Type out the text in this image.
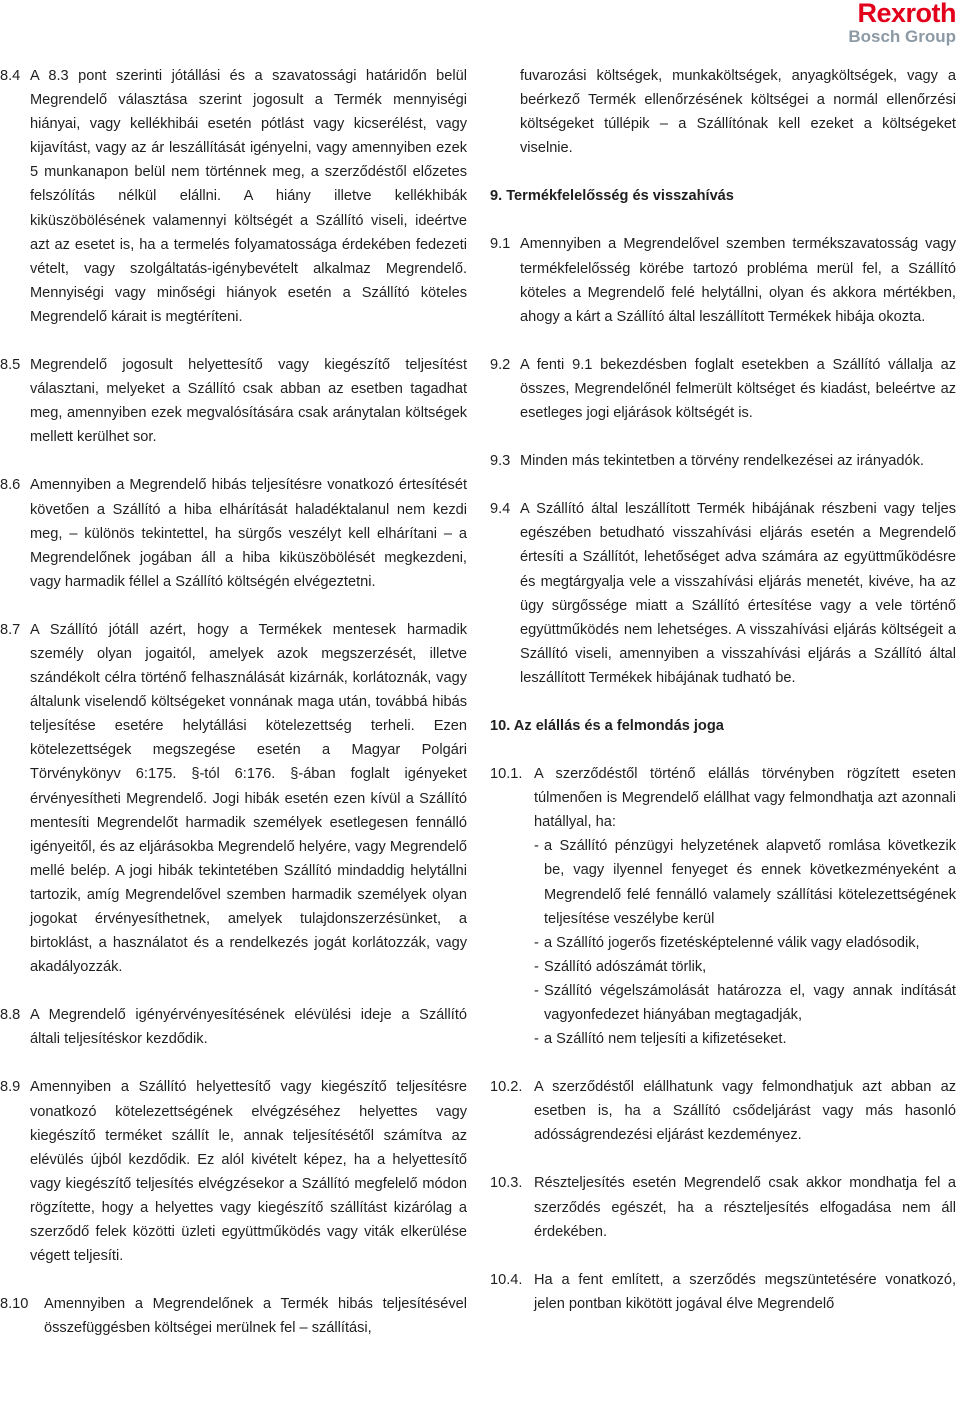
Rexroth
Bosch Group
8.4 A 8.3 pont szerinti jótállási és a szavatossági határidőn belül Megrendelő választása szerint jogosult a Termék mennyiségi hiányai, vagy kellékhibái esetén pótlást vagy kicserélést, vagy kijavítást, vagy az ár leszállítását igényelni, vagy amennyiben ezek 5 munkanapon belül nem történnek meg, a szerződéstől előzetes felszólítás nélkül elállni. A hiány illetve kellékhibák kiküszöbölésének valamennyi költségét a Szállító viseli, ideértve azt az esetet is, ha a termelés folyamatossága érdekében fedezeti vételt, vagy szolgáltatás-igénybevételt alkalmaz Megrendelő. Mennyiségi vagy minőségi hiányok esetén a Szállító köteles Megrendelő kárait is megtéríteni.
8.5 Megrendelő jogosult helyettesítő vagy kiegészítő teljesítést választani, melyeket a Szállító csak abban az esetben tagadhat meg, amennyiben ezek megvalósítására csak aránytalan költségek mellett kerülhet sor.
8.6 Amennyiben a Megrendelő hibás teljesítésre vonatkozó értesítését követően a Szállító a hiba elhárítását haladéktalanul nem kezdi meg, – különös tekintettel, ha sürgős veszélyt kell elhárítani – a Megrendelőnek jogában áll a hiba kiküszöbölését megkezdeni, vagy harmadik féllel a Szállító költségén elvégeztetni.
8.7 A Szállító jótáll azért, hogy a Termékek mentesek harmadik személy olyan jogaitól, amelyek azok megszerzését, illetve szándékolt célra történő felhasználását kizárnák, korlátoznák, vagy általunk viselendő költségeket vonnának maga után, továbbá hibás teljesítése esetére helytállási kötelezettség terheli. Ezen kötelezettségek megszegése esetén a Magyar Polgári Törvénykönyv 6:175. §-tól 6:176. §-ában foglalt igényeket érvényesítheti Megrendelő. Jogi hibák esetén ezen kívül a Szállító mentesíti Megrendelőt harmadik személyek esetlegesen fennálló igényeitől, és az eljárásokba Megrendelő helyére, vagy Megrendelő mellé belép. A jogi hibák tekintetében Szállító mindaddig helytállni tartozik, amíg Megrendelővel szemben harmadik személyek olyan jogokat érvényesíthetnek, amelyek tulajdonszerzésünket, a birtoklást, a használatot és a rendelkezés jogát korlátozzák, vagy akadályozzák.
8.8 A Megrendelő igényérvényesítésének elévülési ideje a Szállító általi teljesítéskor kezdődik.
8.9 Amennyiben a Szállító helyettesítő vagy kiegészítő teljesítésre vonatkozó kötelezettségének elvégzéséhez helyettes vagy kiegészítő terméket szállít le, annak teljesítésétől számítva az elévülés újból kezdődik. Ez alól kivételt képez, ha a helyettesítő vagy kiegészítő teljesítés elvégzésekor a Szállító megfelelő módon rögzítette, hogy a helyettes vagy kiegészítő szállítást kizárólag a szerződő felek közötti üzleti együttműködés vagy viták elkerülése végett teljesíti.
8.10 Amennyiben a Megrendelőnek a Termék hibás teljesítésével összefüggésben költségei merülnek fel – szállítási,
fuvarozási költségek, munkaköltségek, anyagköltségek, vagy a beérkező Termék ellenőrzésének költségei a normál ellenőrzési költségeket túllépik – a Szállítónak kell ezeket a költségeket viselnie.
9. Termékfelelősség és visszahívás
9.1 Amennyiben a Megrendelővel szemben termékszavatosság vagy termékfelelősség körébe tartozó probléma merül fel, a Szállító köteles a Megrendelő felé helytállni, olyan és akkora mértékben, ahogy a kárt a Szállító által leszállított Termékek hibája okozta.
9.2 A fenti 9.1 bekezdésben foglalt esetekben a Szállító vállalja az összes, Megrendelőnél felmerült költséget és kiadást, beleértve az esetleges jogi eljárások költségét is.
9.3 Minden más tekintetben a törvény rendelkezései az irányadók.
9.4 A Szállító által leszállított Termék hibájának részbeni vagy teljes egészében betudható visszahívási eljárás esetén a Megrendelő értesíti a Szállítót, lehetőséget adva számára az együttműködésre és megtárgyalja vele a visszahívási eljárás menetét, kivéve, ha az ügy sürgőssége miatt a Szállító értesítése vagy a vele történő együttműködés nem lehetséges. A visszahívási eljárás költségeit a Szállító viseli, amennyiben a visszahívási eljárás a Szállító által leszállított Termékek hibájának tudható be.
10. Az elállás és a felmondás joga
10.1. A szerződéstől történő elállás törvényben rögzített eseten túlmenően is Megrendelő elállhat vagy felmondhatja azt azonnali hatállyal, ha:
- a Szállító pénzügyi helyzetének alapvető romlása következik be, vagy ilyennel fenyeget és ennek következményeként a Megrendelő felé fennálló valamely szállítási kötelezettségének teljesítése veszélybe kerül
- a Szállító jogerős fizetésképtelenné válik vagy eladósodik,
- Szállító adószámát törlik,
- Szállító végelszámolását határozza el, vagy annak indítását vagyonfedezet hiányában megtagadják,
- a Szállító nem teljesíti a kifizetéseket.
10.2. A szerződéstől elállhatunk vagy felmondhatjuk azt abban az esetben is, ha a Szállító csődeljárást vagy más hasonló adósságrendezési eljárást kezdeményez.
10.3. Részteljesítés esetén Megrendelő csak akkor mondhatja fel a szerződés egészét, ha a részteljesítés elfogadása nem áll érdekében.
10.4. Ha a fent említett, a szerződés megszüntetésére vonatkozó, jelen pontban kikötött jogával élve Megrendelő
